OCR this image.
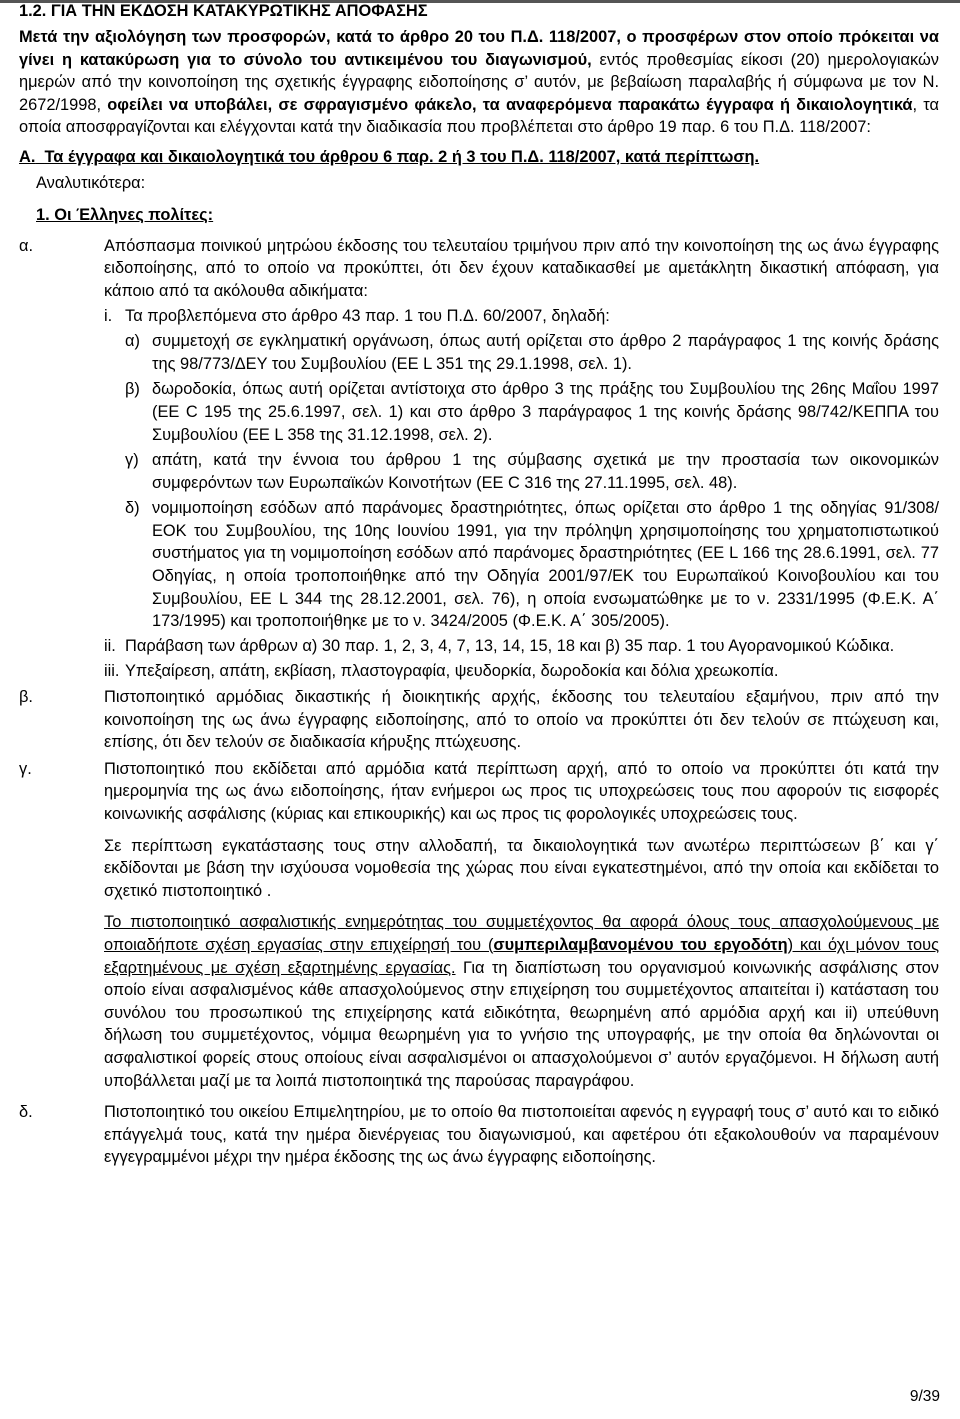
1.2. ΓΙΑ ΤΗΝ ΕΚΔΟΣΗ ΚΑΤΑΚΥΡΩΤΙΚΗΣ ΑΠΟΦΑΣΗΣ
Μετά την αξιολόγηση των προσφορών, κατά το άρθρο 20 του Π.Δ. 118/2007, ο προσφέρων στον οποίο πρόκειται να γίνει η κατακύρωση για το σύνολο του αντικειμένου του διαγωνισμού, εντός προθεσμίας είκοσι (20) ημερολογιακών ημερών από την κοινοποίηση της σχετικής έγγραφης ειδοποίησης σ’ αυτόν, με βεβαίωση παραλαβής ή σύμφωνα με τον Ν. 2672/1998, οφείλει να υποβάλει, σε σφραγισμένο φάκελο, τα αναφερόμενα παρακάτω έγγραφα ή δικαιολογητικά, τα οποία αποσφραγίζονται και ελέγχονται κατά την διαδικασία που προβλέπεται στο άρθρο 19 παρ. 6 του Π.Δ. 118/2007:
Α. Τα έγγραφα και δικαιολογητικά του άρθρου 6 παρ. 2 ή 3 του Π.Δ. 118/2007, κατά περίπτωση.
Αναλυτικότερα:
1. Οι Έλληνες πολίτες:
α.	Απόσπασμα ποινικού μητρώου έκδοσης του τελευταίου τριμήνου πριν από την κοινοποίηση της ως άνω έγγραφης ειδοποίησης, από το οποίο να προκύπτει, ότι δεν έχουν καταδικασθεί με αμετάκλητη δικαστική απόφαση, για κάποιο από τα ακόλουθα αδικήματα:
i. Τα προβλεπόμενα στο άρθρο 43 παρ. 1 του Π.Δ. 60/2007, δηλαδή:
α) συμμετοχή σε εγκληματική οργάνωση, όπως αυτή ορίζεται στο άρθρο 2 παράγραφος 1 της κοινής δράσης της 98/773/ΔΕΥ του Συμβουλίου (ΕΕ L 351 της 29.1.1998, σελ. 1).
β) δωροδοκία, όπως αυτή ορίζεται αντίστοιχα στο άρθρο 3 της πράξης του Συμβουλίου της 26ης Μαΐου 1997 (ΕΕ C 195 της 25.6.1997, σελ. 1) και στο άρθρο 3 παράγραφος 1 της κοινής δράσης 98/742/ΚΕΠΠΑ του Συμβουλίου (ΕΕ L 358 της 31.12.1998, σελ. 2).
γ) απάτη, κατά την έννοια του άρθρου 1 της σύμβασης σχετικά με την προστασία των οικονομικών συμφερόντων των Ευρωπαϊκών Κοινοτήτων (ΕΕ C 316 της 27.11.1995, σελ. 48).
δ) νομιμοποίηση εσόδων από παράνομες δραστηριότητες, όπως ορίζεται στο άρθρο 1 της οδηγίας 91/308/ ΕΟΚ του Συμβουλίου, της 10ης Ιουνίου 1991, για την πρόληψη χρησιμοποίησης του χρηματοπιστωτικού συστήματος για τη νομιμοποίηση εσόδων από παράνομες δραστηριότητες (ΕΕ L 166 της 28.6.1991, σελ. 77 Οδηγίας, η οποία τροποποιήθηκε από την Οδηγία 2001/97/ΕΚ του Ευρωπαϊκού Κοινοβουλίου και του Συμβουλίου, ΕΕ L 344 της 28.12.2001, σελ. 76), η οποία ενσωματώθηκε με το ν. 2331/1995 (Φ.Ε.Κ. Α΄ 173/1995) και τροποποιήθηκε με το ν. 3424/2005 (Φ.Ε.Κ. Α΄ 305/2005).
ii. Παράβαση των άρθρων α) 30 παρ. 1, 2, 3, 4, 7, 13, 14, 15, 18 και β) 35 παρ. 1 του Αγορανομικού Κώδικα.
iii. Υπεξαίρεση, απάτη, εκβίαση, πλαστογραφία, ψευδορκία, δωροδοκία και δόλια χρεωκοπία.
β.	Πιστοποιητικό αρμόδιας δικαστικής ή διοικητικής αρχής, έκδοσης του τελευταίου εξαμήνου, πριν από την κοινοποίηση της ως άνω έγγραφης ειδοποίησης, από το οποίο να προκύπτει ότι δεν τελούν σε πτώχευση και, επίσης, ότι δεν τελούν σε διαδικασία κήρυξης πτώχευσης.
γ.	Πιστοποιητικό που εκδίδεται από αρμόδια κατά περίπτωση αρχή, από το οποίο να προκύπτει ότι κατά την ημερομηνία της ως άνω ειδοποίησης, ήταν ενήμεροι ως προς τις υποχρεώσεις τους που αφορούν τις εισφορές κοινωνικής ασφάλισης (κύριας και επικουρικής) και ως προς τις φορολογικές υποχρεώσεις τους.
Σε περίπτωση εγκατάστασης τους στην αλλοδαπή, τα δικαιολογητικά των ανωτέρω περιπτώσεων β΄ και γ΄ εκδίδονται με βάση την ισχύουσα νομοθεσία της χώρας που είναι εγκατεστημένοι, από την οποία και εκδίδεται το σχετικό πιστοποιητικό .
Το πιστοποιητικό ασφαλιστικής ενημερότητας του συμμετέχοντος θα αφορά όλους τους απασχολούμενους με οποιαδήποτε σχέση εργασίας στην επιχείρησή του (συμπεριλαμβανομένου του εργοδότη) και όχι μόνον τους εξαρτημένους με σχέση εξαρτημένης εργασίας. Για τη διαπίστωση του οργανισμού κοινωνικής ασφάλισης στον οποίο είναι ασφαλισμένος κάθε απασχολούμενος στην επιχείρηση του συμμετέχοντος απαιτείται i) κατάσταση του συνόλου του προσωπικού της επιχείρησης κατά ειδικότητα, θεωρημένη από αρμόδια αρχή και ii) υπεύθυνη δήλωση του συμμετέχοντος, νόμιμα θεωρημένη για το γνήσιο της υπογραφής, με την οποία θα δηλώνονται οι ασφαλιστικοί φορείς στους οποίους είναι ασφαλισμένοι οι απασχολούμενοι σ’ αυτόν εργαζόμενοι. Η δήλωση αυτή υποβάλλεται μαζί με τα λοιπά πιστοποιητικά της παρούσας παραγράφου.
δ.	Πιστοποιητικό του οικείου Επιμελητηρίου, με το οποίο θα πιστοποιείται αφενός η εγγραφή τους σ’ αυτό και το ειδικό επάγγελμά τους, κατά την ημέρα διενέργειας του διαγωνισμού, και αφετέρου ότι εξακολουθούν να παραμένουν εγγεγραμμένοι μέχρι την ημέρα έκδοσης της ως άνω έγγραφης ειδοποίησης.
9/39
